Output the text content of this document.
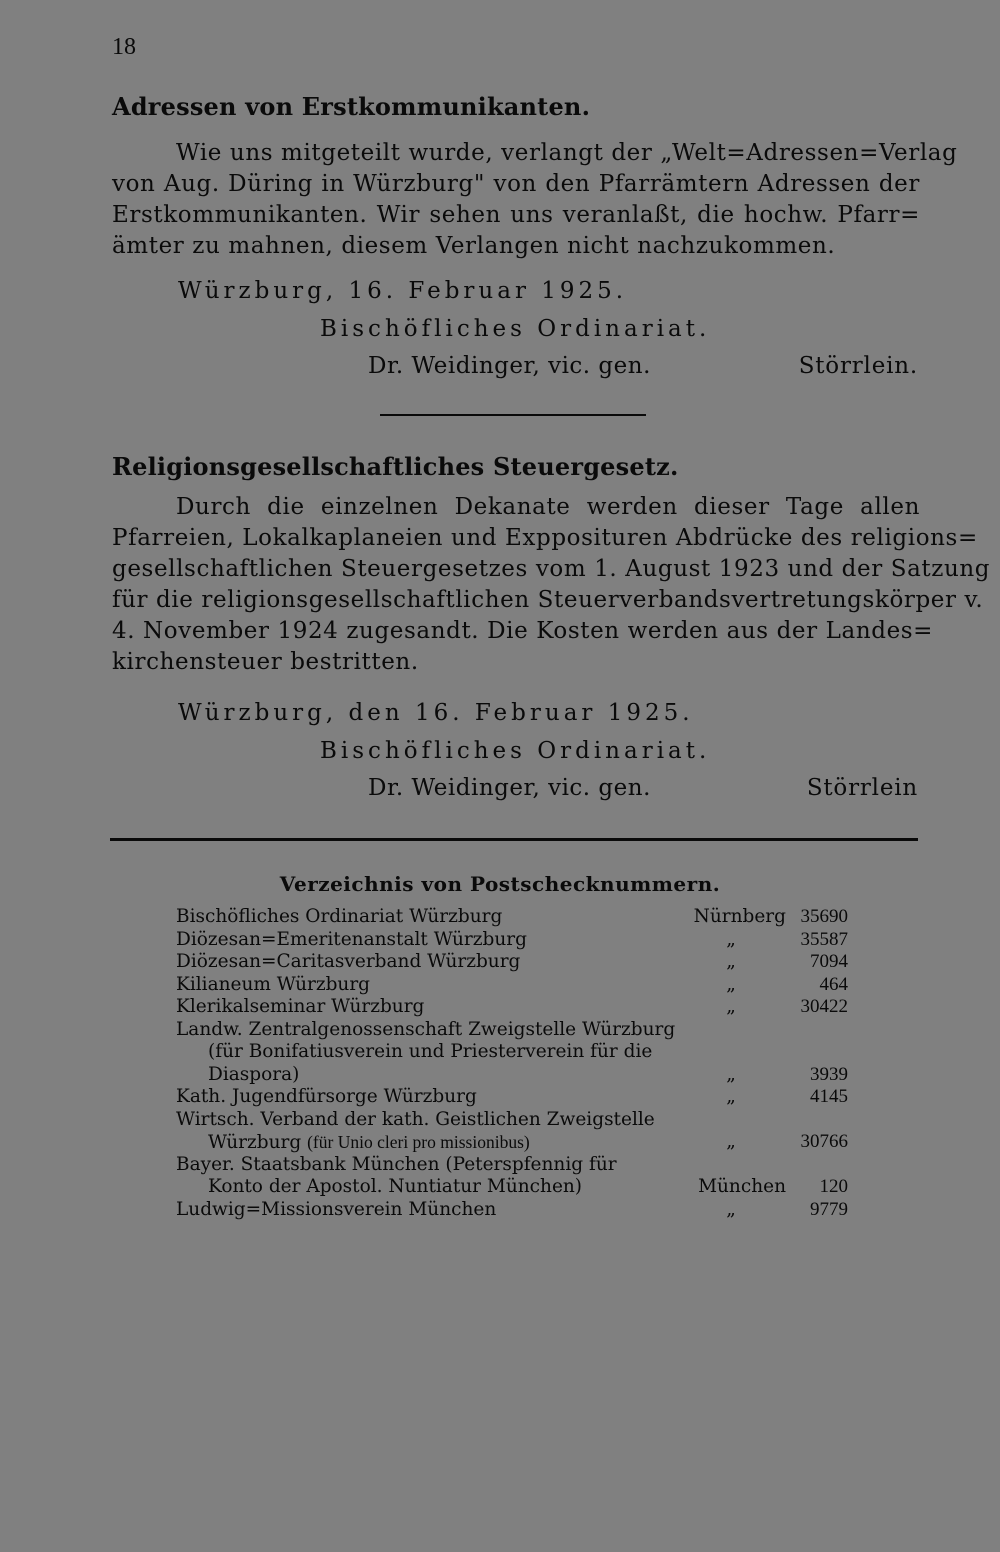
18
Adressen von Erstkommunikanten.
Wie uns mitgeteilt wurde, verlangt der „Welt=Adressen=Verlag
von Aug. Düring in Würzburg" von den Pfarrämtern Adressen der
Erstkommunikanten. Wir sehen uns veranlaßt, die hochw. Pfarr=
ämter zu mahnen, diesem Verlangen nicht nachzukommen.
Würzburg, 16. Februar 1925.
Bischöfliches Ordinariat.
Dr. Weidinger, vic. gen.	Störrlein.
Religionsgesellschaftliches Steuergesetz.
Durch die einzelnen Dekanate werden dieser Tage allen
Pfarreien, Lokalkaplaneien und Expposituren Abdrücke des religions=
gesellschaftlichen Steuergesetzes vom 1. August 1923 und der Satzung
für die religionsgesellschaftlichen Steuerverbandsvertretungskörper v.
4. November 1924 zugesandt. Die Kosten werden aus der Landes=
kirchensteuer bestritten.
Würzburg, den 16. Februar 1925.
Bischöfliches Ordinariat.
Dr. Weidinger, vic. gen.	Störrlein
Verzeichnis von Postschecknummern.
Bischöfliches Ordinariat Würzburg	Nürnberg 35690
Diözesan=Emeritenanstalt Würzburg	„	35587
Diözesan=Caritasverband Würzburg	„	7094
Kilianeum Würzburg	„	464
Klerikalseminar Würzburg	„	30422
Landw. Zentralgenossenschaft Zweigstelle Würzburg
(für Bonifatiusverein und Priesterverein für die
Diaspora)	„	3939
Kath. Jugendfürsorge Würzburg	„	4145
Wirtsch. Verband der kath. Geistlichen Zweigstelle
Würzburg (für Unio cleri pro missionibus)	„	30766
Bayer. Staatsbank München (Peterspfennig für
Konto der Apostol. Nuntiatur München)	München 120
Ludwig=Missionsverein München	„	9779
